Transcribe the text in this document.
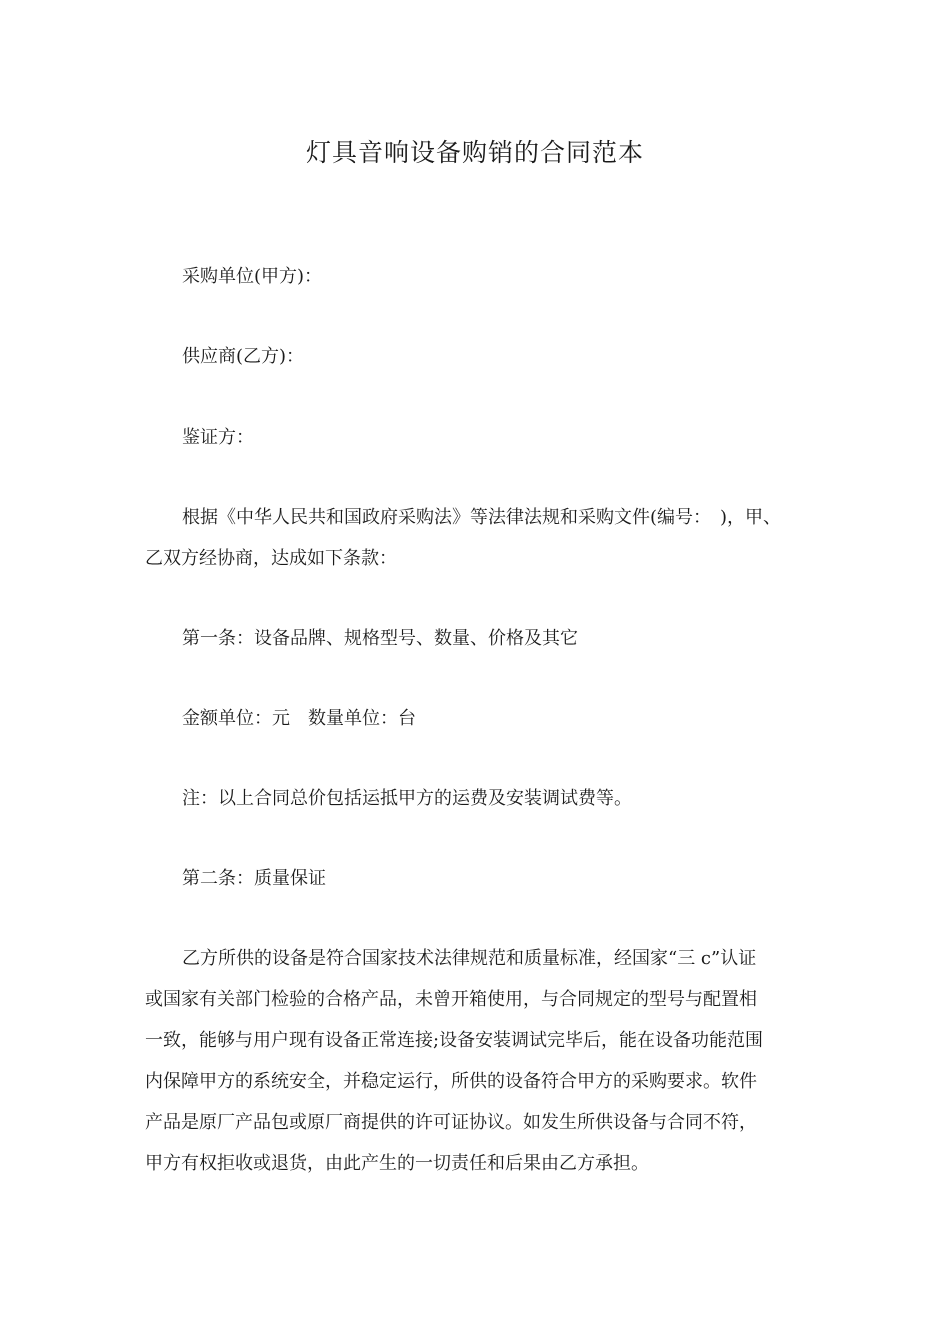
灯具音响设备购销的合同范本
采购单位(甲方)：
供应商(乙方)：
鉴证方：
根据《中华人民共和国政府采购法》等法律法规和采购文件(编号：　)，甲、
乙双方经协商，达成如下条款：
第一条：设备品牌、规格型号、数量、价格及其它
金额单位：元　数量单位：台
注：以上合同总价包括运抵甲方的运费及安装调试费等。
第二条：质量保证
乙方所供的设备是符合国家技术法律规范和质量标准，经国家“三 c”认证
或国家有关部门检验的合格产品，未曾开箱使用，与合同规定的型号与配置相
一致，能够与用户现有设备正常连接;设备安装调试完毕后，能在设备功能范围
内保障甲方的系统安全，并稳定运行，所供的设备符合甲方的采购要求。软件
产品是原厂产品包或原厂商提供的许可证协议。如发生所供设备与合同不符，
甲方有权拒收或退货，由此产生的一切责任和后果由乙方承担。
